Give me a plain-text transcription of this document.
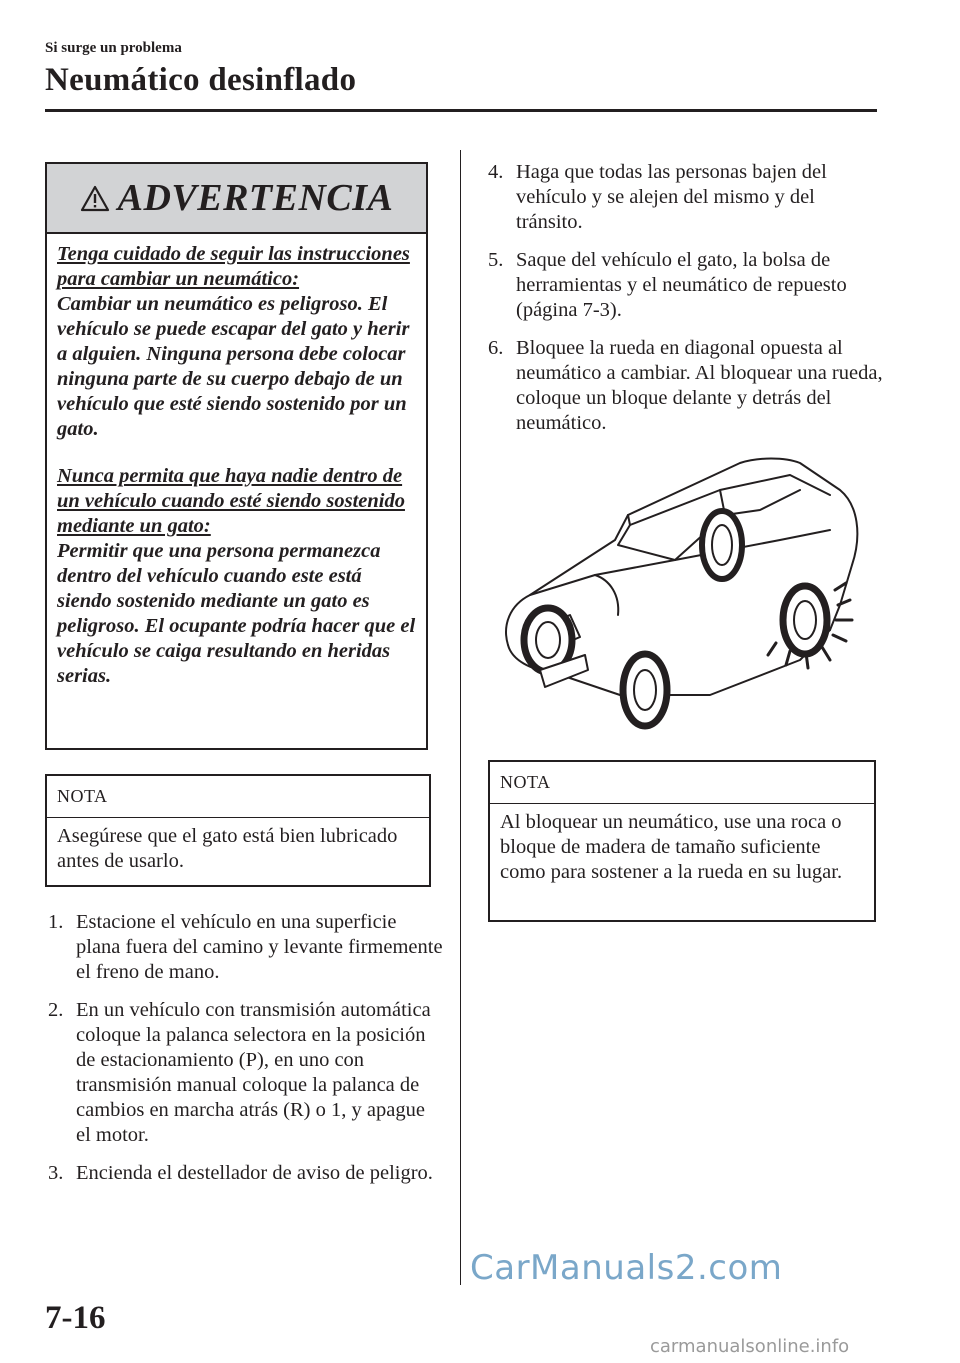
Si surge un problema
Neumático desinflado
ADVERTENCIA

Tenga cuidado de seguir las instrucciones para cambiar un neumático:

Cambiar un neumático es peligroso. El vehículo se puede escapar del gato y herir a alguien. Ninguna persona debe colocar ninguna parte de su cuerpo debajo de un vehículo que esté siendo sostenido por un gato.

Nunca permita que haya nadie dentro de un vehículo cuando esté siendo sostenido mediante un gato:

Permitir que una persona permanezca dentro del vehículo cuando este está siendo sostenido mediante un gato es peligroso. El ocupante podría hacer que el vehículo se caiga resultando en heridas serias.

NOTA
Asegúrese que el gato está bien lubricado antes de usarlo.
1. Estacione el vehículo en una superficie plana fuera del camino y levante firmemente el freno de mano.
2. En un vehículo con transmisión automática coloque la palanca selectora en la posición de estacionamiento (P), en uno con transmisión manual coloque la palanca de cambios en marcha atrás (R) o 1, y apague el motor.
3. Encienda el destellador de aviso de peligro.
4. Haga que todas las personas bajen del vehículo y se alejen del mismo y del tránsito.
5. Saque del vehículo el gato, la bolsa de herramientas y el neumático de repuesto (página 7-3).
6. Bloquee la rueda en diagonal opuesta al neumático a cambiar. Al bloquear una rueda, coloque un bloque delante y detrás del neumático.
NOTA
Al bloquear un neumático, use una roca o bloque de madera de tamaño suficiente como para sostener a la rueda en su lugar.
CarManuals2.com
7-16
carmanualsonline.info
